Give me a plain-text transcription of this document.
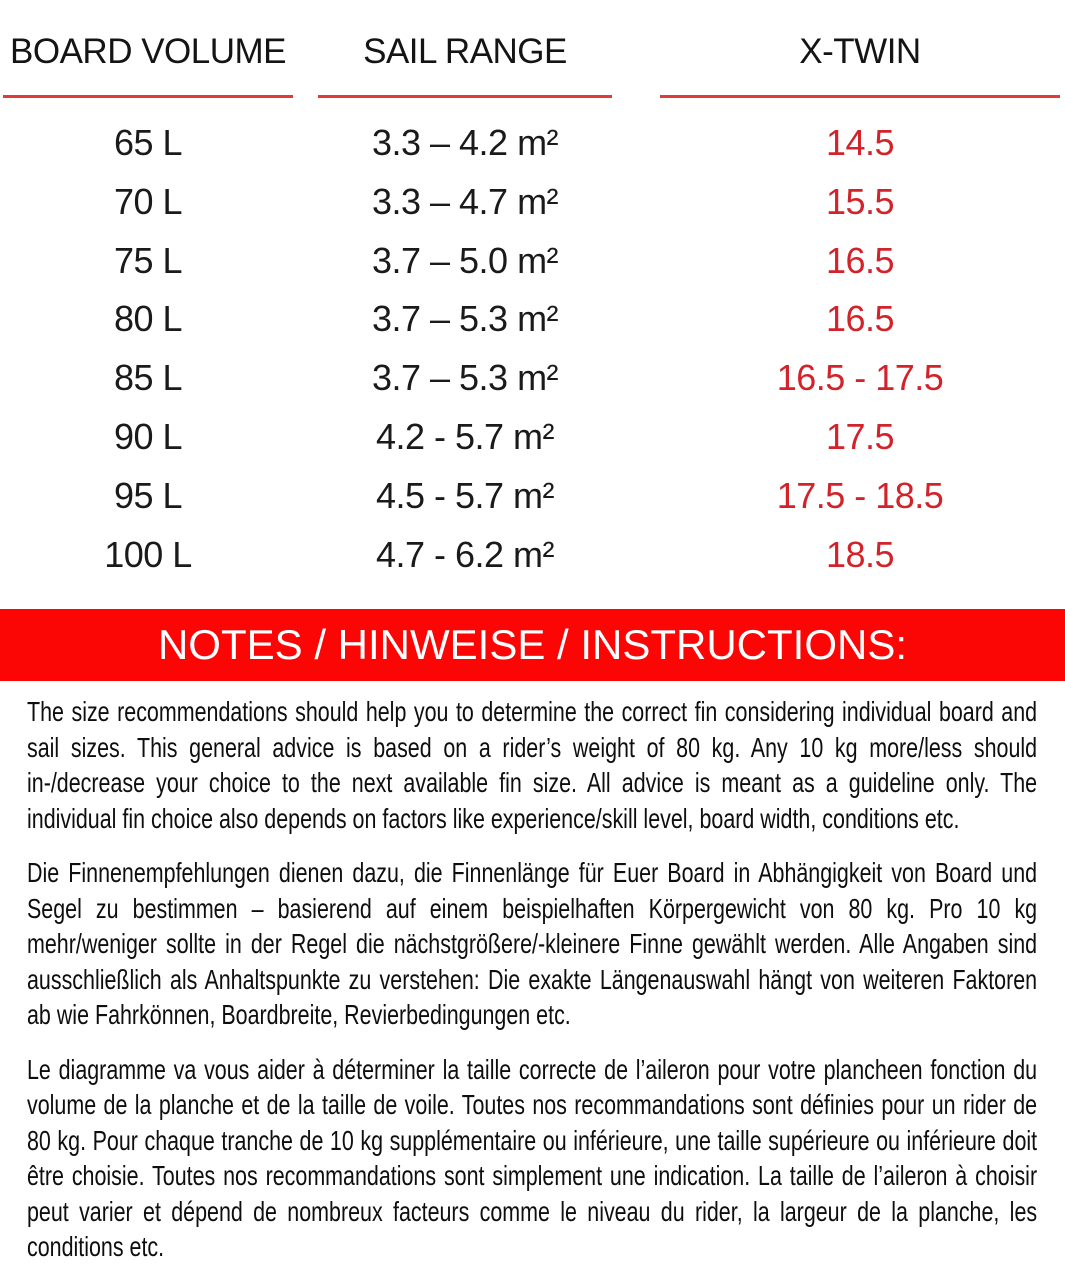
BOARD VOLUME
65 L
70 L
75 L
80 L
85 L
90 L
95 L
100 L
SAIL RANGE
3.3 – 4.2 m²
3.3 – 4.7 m²
3.7 – 5.0 m²
3.7 – 5.3 m²
3.7 – 5.3 m²
4.2 - 5.7 m²
4.5 - 5.7 m²
4.7 - 6.2 m²
X-TWIN
14.5
15.5
16.5
16.5
16.5 - 17.5
17.5
17.5 - 18.5
18.5
NOTES / HINWEISE / INSTRUCTIONS:

The size recommendations should help you to determine the correct fin considering individual board and sail sizes. This general advice is based on a rider’s weight of 80 kg. Any 10 kg more/less should in-/decrease your choice to the next available fin size. All advice is meant as a guideline only. The individual fin choice also depends on factors like experience/skill level, board width, conditions etc.

Die Finnenempfehlungen dienen dazu, die Finnenlänge für Euer Board in Abhängigkeit von Board und Segel zu bestimmen – basierend auf einem beispielhaften Körpergewicht von 80 kg. Pro 10 kg mehr/weniger sollte in der Regel die nächstgrößere/-kleinere Finne gewählt werden. Alle Angaben sind ausschließlich als Anhaltspunkte zu verstehen: Die exakte Längenauswahl hängt von weiteren Faktoren ab wie Fahrkönnen, Boardbreite, Revierbedingungen etc.

Le diagramme va vous aider à déterminer la taille correcte de l’aileron pour votre plancheen fonction du volume de la planche et de la taille de voile. Toutes nos recommandations sont définies pour un rider de 80 kg. Pour chaque tranche de 10 kg supplémentaire ou inférieure, une taille supérieure ou inférieure doit être choisie. Toutes nos recommandations sont simplement une indication. La taille de l’aileron à choisir peut varier et dépend de nombreux facteurs comme le niveau du rider, la largeur de la planche, les conditions etc.
